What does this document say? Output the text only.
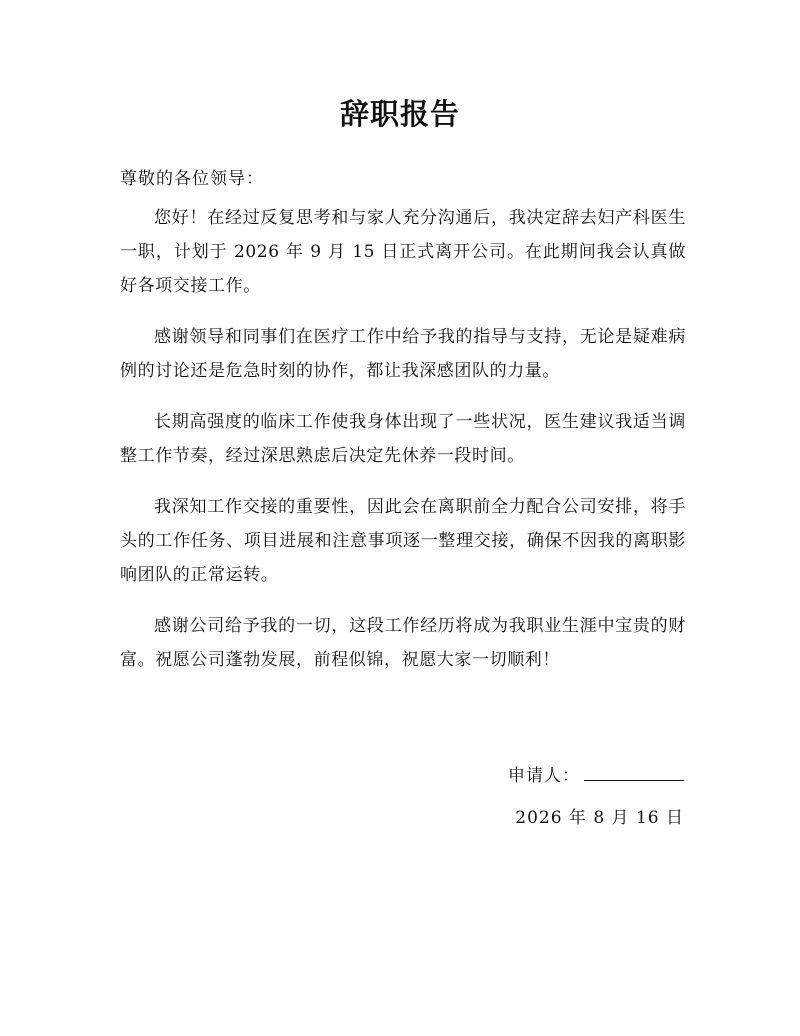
辞职报告
尊敬的各位领导：
您好！在经过反复思考和与家人充分沟通后，我决定辞去妇产科医生一职，计划于 2026 年 9 月 15 日正式离开公司。在此期间我会认真做好各项交接工作。
感谢领导和同事们在医疗工作中给予我的指导与支持，无论是疑难病例的讨论还是危急时刻的协作，都让我深感团队的力量。
长期高强度的临床工作使我身体出现了一些状况，医生建议我适当调整工作节奏，经过深思熟虑后决定先休养一段时间。
我深知工作交接的重要性，因此会在离职前全力配合公司安排，将手头的工作任务、项目进展和注意事项逐一整理交接，确保不因我的离职影响团队的正常运转。
感谢公司给予我的一切，这段工作经历将成为我职业生涯中宝贵的财富。祝愿公司蓬勃发展，前程似锦，祝愿大家一切顺利！
申请人：
2026 年 8 月 16 日
